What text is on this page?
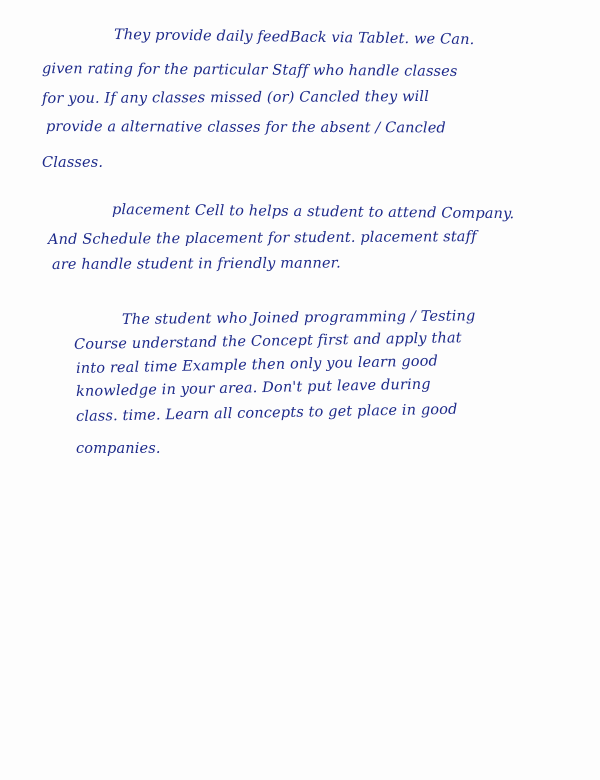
They provide daily feedBack via Tablet. we Can.
given rating for the particular Staff who handle classes
for you. If any classes missed (or) Cancled they will
provide a alternative classes for the absent / Cancled
Classes.
placement Cell to helps a student to attend Company.
And Schedule the placement for student. placement staff
are handle student in friendly manner.
The student who Joined programming / Testing
Course understand the Concept first and apply that
into real time Example then only you learn good
knowledge in your area. Don't put leave during
class. time. Learn all concepts to get place in good
companies.
